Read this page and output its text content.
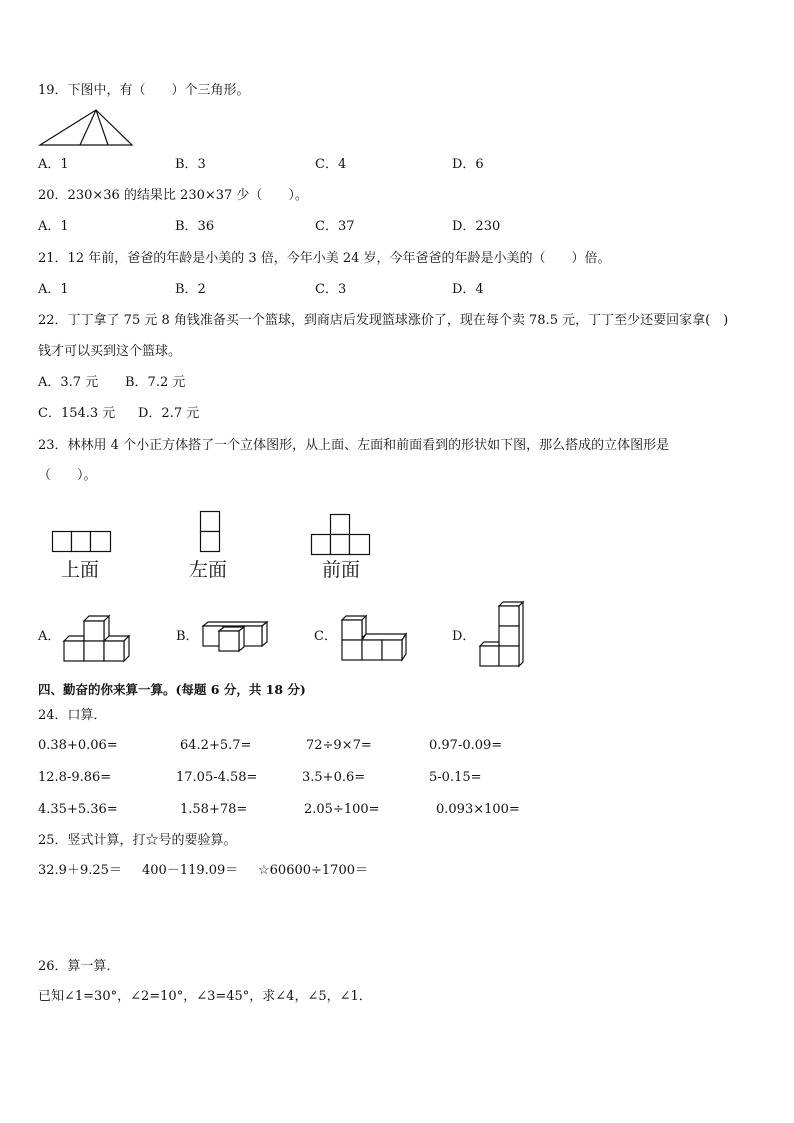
19．下图中，有（　　）个三角形。
A．1	B．3	C．4	D．6
20．230×36 的结果比 230×37 少（　　）。
A．1	B．36	C．37	D．230
21．12 年前，爸爸的年龄是小美的 3 倍，今年小美 24 岁，今年爸爸的年龄是小美的（　　）倍。
A．1	B．2	C．3	D．4
22．丁丁拿了 75 元 8 角钱准备买一个篮球，到商店后发现篮球涨价了，现在每个卖 78.5 元，丁丁至少还要回家拿(　)
钱才可以买到这个篮球。
A．3.7 元 B．7.2 元
C．154.3 元 D．2.7 元
23．林林用 4 个小正方体搭了一个立体图形，从上面、左面和前面看到的形状如下图，那么搭成的立体图形是
（　　）。
上面	左面	前面
A．	B．	C．	D．
四、勤奋的你来算一算。(每题 6 分，共 18 分)
24．口算．
0.38+0.06=	64.2+5.7=	72÷9×7=	0.97-0.09=
12.8-9.86=	17.05-4.58=	3.5+0.6=	5-0.15=
4.35+5.36=	1.58+78=	2.05÷100=	0.093×100=
25．竖式计算，打☆号的要验算。
32.9＋9.25＝ 400－119.09＝ ☆60600÷1700＝
26．算一算．
已知∠1=30°，∠2=10°，∠3=45°，求∠4，∠5，∠1．
